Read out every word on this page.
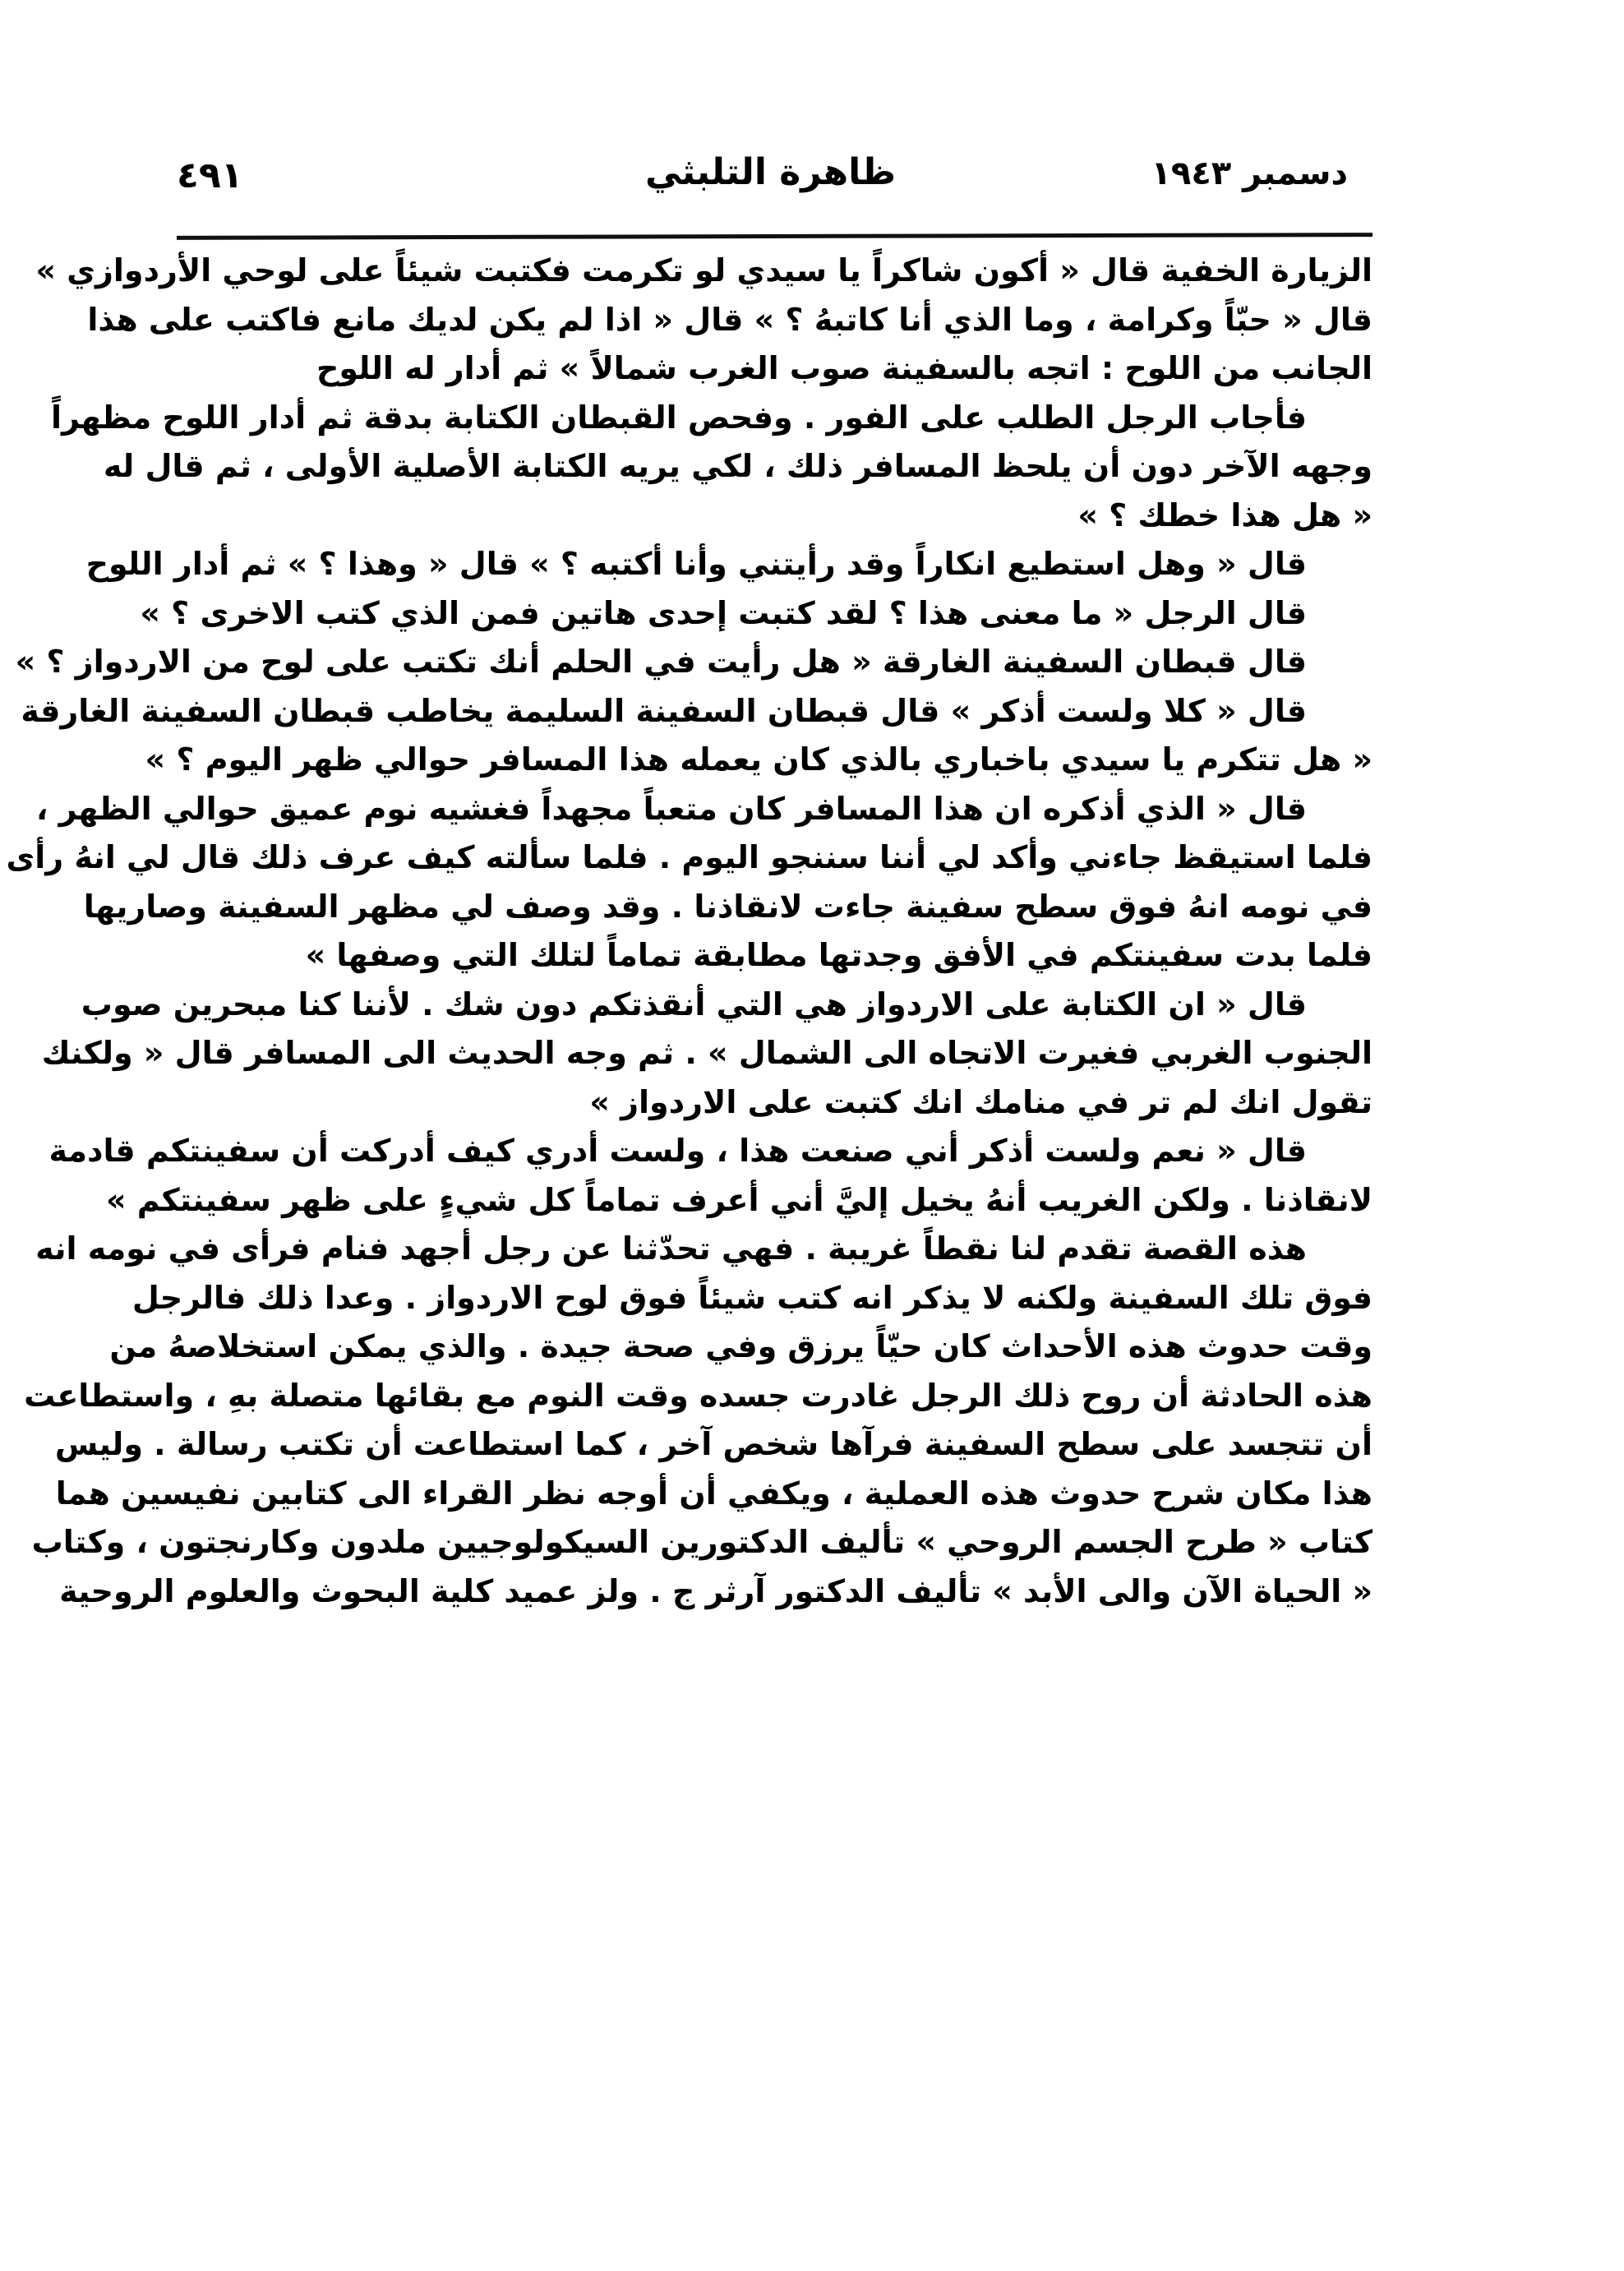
دسمبر ١٩٤٣
ظاهرة التلبثي
٤٩١
الزيارة الخفية قال « أكون شاكراً يا سيدي لو تكرمت فكتبت شيئاً على لوحي الأردوازي »
قال « حبّاً وكرامة ، وما الذي أنا كاتبهُ ؟ » قال « اذا لم يكن لديك مانع فاكتب على هذا
الجانب من اللوح : اتجه بالسفينة صوب الغرب شمالاً » ثم أدار له اللوح
فأجاب الرجل الطلب على الفور . وفحص القبطان الكتابة بدقة ثم أدار اللوح مظهراً
وجهه الآخر دون أن يلحظ المسافر ذلك ، لكي يريه الكتابة الأصلية الأولى ، ثم قال له
« هل هذا خطك ؟ »
قال « وهل استطيع انكاراً وقد رأيتني وأنا أكتبه ؟ » قال « وهذا ؟ » ثم أدار اللوح
قال الرجل « ما معنى هذا ؟ لقد كتبت إحدى هاتين فمن الذي كتب الاخرى ؟ »
قال قبطان السفينة الغارقة « هل رأيت في الحلم أنك تكتب على لوح من الاردواز ؟ »
قال « كلا ولست أذكر » قال قبطان السفينة السليمة يخاطب قبطان السفينة الغارقة
« هل تتكرم يا سيدي باخباري بالذي كان يعمله هذا المسافر حوالي ظهر اليوم ؟ »
قال « الذي أذكره ان هذا المسافر كان متعباً مجهداً فغشيه نوم عميق حوالي الظهر ،
فلما استيقظ جاءني وأكد لي أننا سننجو اليوم . فلما سألته كيف عرف ذلك قال لي انهُ رأى
في نومه انهُ فوق سطح سفينة جاءت لانقاذنا . وقد وصف لي مظهر السفينة وصاريها
فلما بدت سفينتكم في الأفق وجدتها مطابقة تماماً لتلك التي وصفها »
قال « ان الكتابة على الاردواز هي التي أنقذتكم دون شك . لأننا كنا مبحرين صوب
الجنوب الغربي فغيرت الاتجاه الى الشمال » . ثم وجه الحديث الى المسافر قال « ولكنك
تقول انك لم تر في منامك انك كتبت على الاردواز »
قال « نعم ولست أذكر أني صنعت هذا ، ولست أدري كيف أدركت أن سفينتكم قادمة
لانقاذنا . ولكن الغريب أنهُ يخيل إليَّ أني أعرف تماماً كل شيءٍ على ظهر سفينتكم »
هذه القصة تقدم لنا نقطاً غريبة . فهي تحدّثنا عن رجل أجهد فنام فرأى في نومه انه
فوق تلك السفينة ولكنه لا يذكر انه كتب شيئاً فوق لوح الاردواز . وعدا ذلك فالرجل
وقت حدوث هذه الأحداث كان حيّاً يرزق وفي صحة جيدة . والذي يمكن استخلاصهُ من
هذه الحادثة أن روح ذلك الرجل غادرت جسده وقت النوم مع بقائها متصلة بهِ ، واستطاعت
أن تتجسد على سطح السفينة فرآها شخص آخر ، كما استطاعت أن تكتب رسالة . وليس
هذا مكان شرح حدوث هذه العملية ، ويكفي أن أوجه نظر القراء الى كتابين نفيسين هما
كتاب « طرح الجسم الروحي » تأليف الدكتورين السيكولوجيين ملدون وكارنجتون ، وكتاب
« الحياة الآن والى الأبد » تأليف الدكتور آرثر ج . ولز عميد كلية البحوث والعلوم الروحية
